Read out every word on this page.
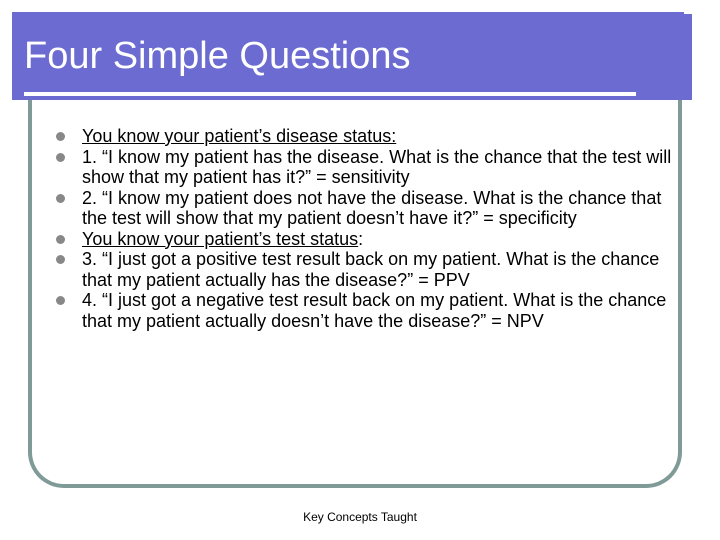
Four Simple Questions
You know your patient’s disease status:
1. “I know my patient has the disease. What is the chance that the test will show that my patient has it?” = sensitivity
2. “I know my patient does not have the disease. What is the chance that the test will show that my patient doesn’t have it?” = specificity
You know your patient’s test status:
3. “I just got a positive test result back on my patient. What is the chance that my patient actually has the disease?” = PPV
4. “I just got a negative test result back on my patient. What is the chance that my patient actually doesn’t have the disease?” = NPV
Key Concepts Taught
